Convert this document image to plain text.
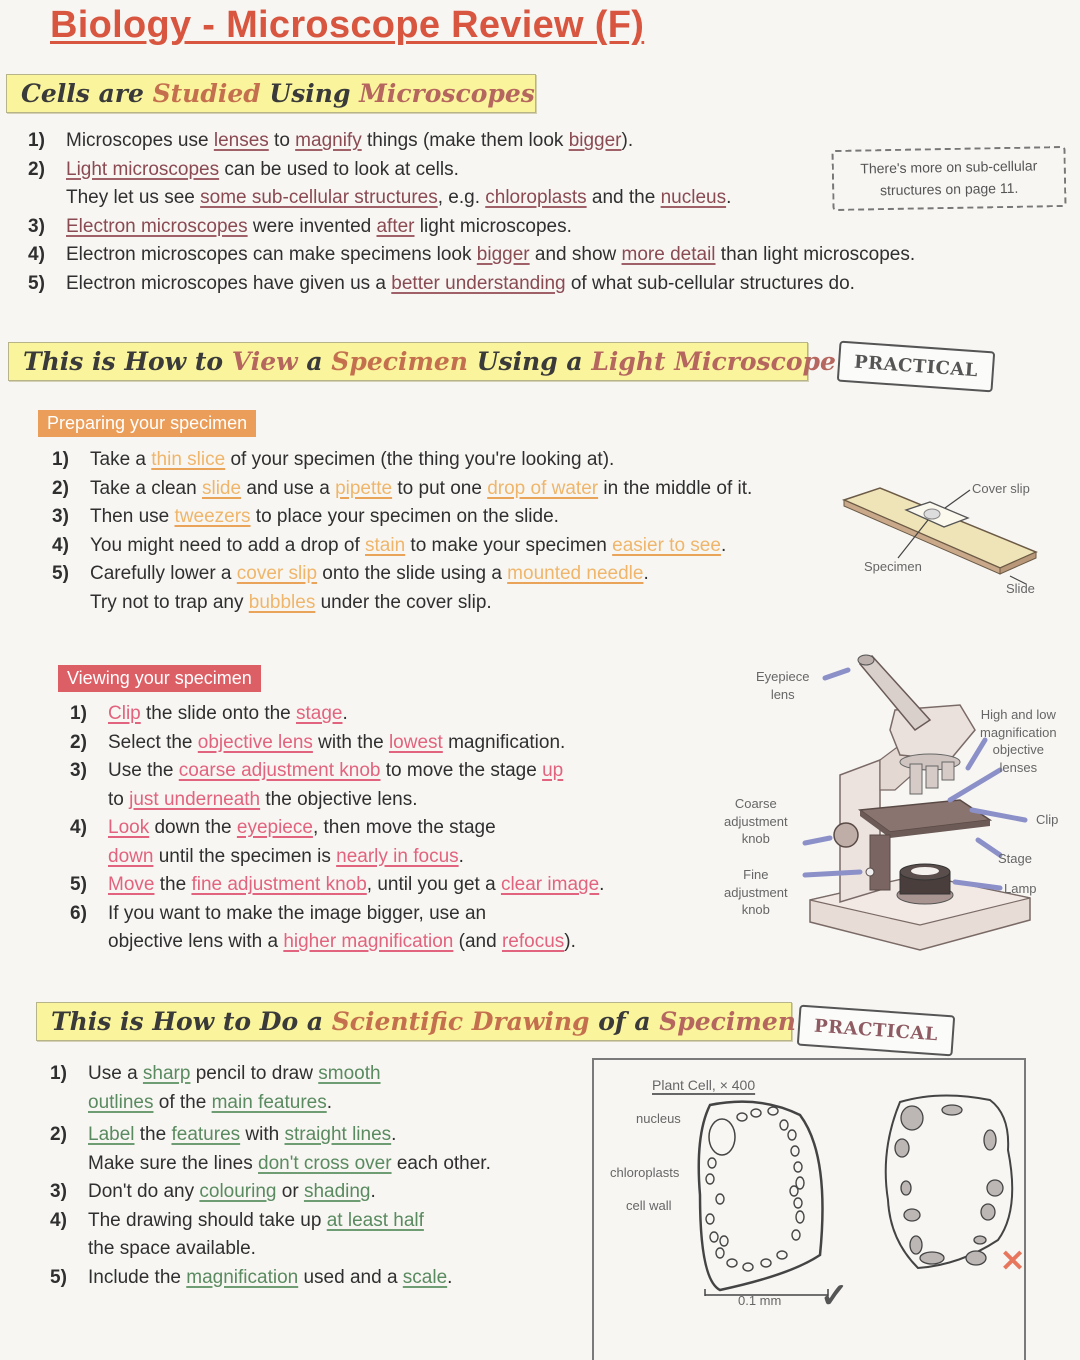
Biology - Microscope Review (F)
Cells are Studied Using Microscopes
1)	Microscopes use lenses to magnify things (make them look bigger).
2)	Light microscopes can be used to look at cells.
They let us see some sub-cellular structures, e.g. chloroplasts and the nucleus.
3)	Electron microscopes were invented after light microscopes.
4)	Electron microscopes can make specimens look bigger and show more detail than light microscopes.
5)	Electron microscopes have given us a better understanding of what sub-cellular structures do.
There's more on sub-cellular
structures on page 11.
This is How to View a Specimen Using a Light Microscope PRACTICAL
Preparing your specimen
1)	Take a thin slice of your specimen (the thing you're looking at).
2)	Take a clean slide and use a pipette to put one drop of water in the middle of it.
3)	Then use tweezers to place your specimen on the slide.
4)	You might need to add a drop of stain to make your specimen easier to see.
5)	Carefully lower a cover slip onto the slide using a mounted needle.
Try not to trap any bubbles under the cover slip.
Cover slip
Specimen
Slide
Viewing your specimen
1)	Clip the slide onto the stage.
2)	Select the objective lens with the lowest magnification.
3)	Use the coarse adjustment knob to move the stage up
to just underneath the objective lens.
4)	Look down the eyepiece, then move the stage
down until the specimen is nearly in focus.
5)	Move the fine adjustment knob, until you get a clear image.
6)	If you want to make the image bigger, use an
objective lens with a higher magnification (and refocus).
Eyepiece
lens
High and low
magnification
objective
lenses
Coarse
adjustment
knob
Fine
adjustment
knob
Clip
Stage
Lamp
This is How to Do a Scientific Drawing of a Specimen PRACTICAL
1)	Use a sharp pencil to draw smooth
outlines of the main features.
2)	Label the features with straight lines.
Make sure the lines don't cross over each other.
3)	Don't do any colouring or shading.
4)	The drawing should take up at least half
the space available.
5)	Include the magnification used and a scale.
Plant Cell, × 400
nucleus
chloroplasts
cell wall
0.1 mm ✓
✕
